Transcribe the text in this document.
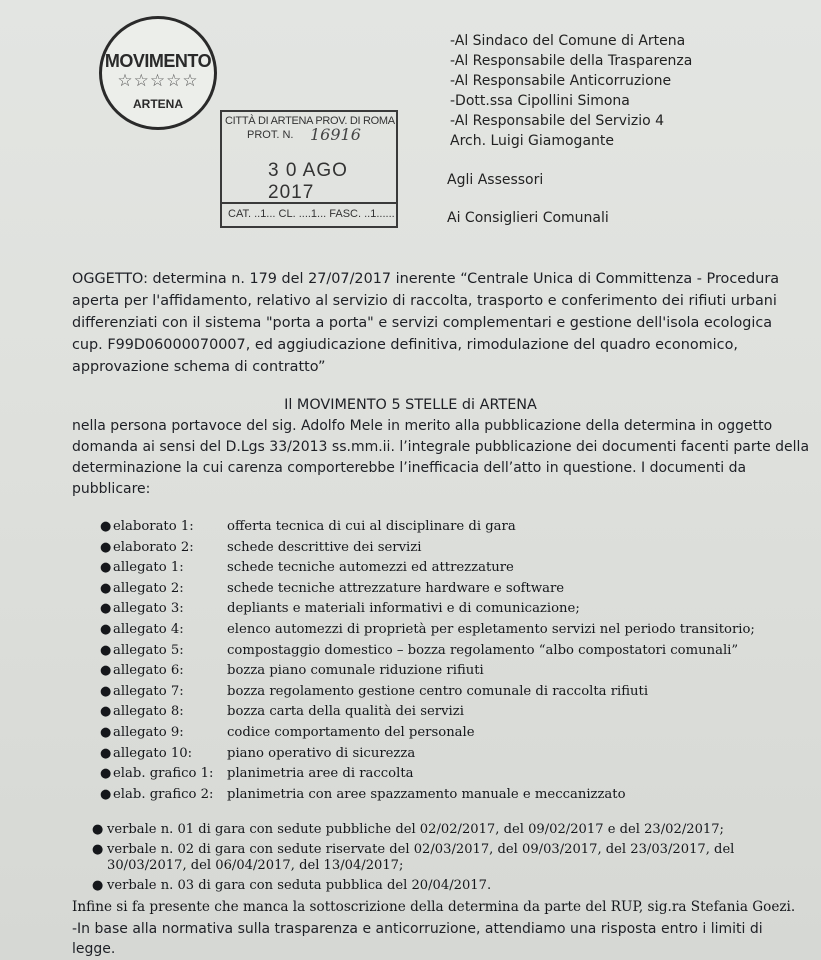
MOVIMENTO
☆☆☆☆☆
ARTENA
CITTÀ DI ARTENA PROV. DI ROMA
PROT. N. 16916
3 0 AGO 2017
CAT. ..1... CL. ....1... FASC. ..1......
-Al Sindaco del Comune di Artena
-Al Responsabile della Trasparenza
-Al Responsabile Anticorruzione
-Dott.ssa Cipollini Simona
-Al Responsabile del Servizio 4
Arch. Luigi Giamogante
Agli Assessori
Ai Consiglieri Comunali
OGGETTO: determina n. 179 del 27/07/2017 inerente “Centrale Unica di Committenza - Procedura
aperta per l'affidamento, relativo al servizio di raccolta, trasporto e conferimento dei rifiuti urbani
differenziati con il sistema "porta a porta" e servizi complementari e gestione dell'isola ecologica
cup. F99D06000070007, ed aggiudicazione definitiva, rimodulazione del quadro economico,
approvazione schema di contratto”
Il MOVIMENTO 5 STELLE di ARTENA
nella persona portavoce del sig. Adolfo Mele in merito alla pubblicazione della determina in oggetto
domanda ai sensi del D.Lgs 33/2013 ss.mm.ii. l’integrale pubblicazione dei documenti facenti parte della
determinazione la cui carenza comporterebbe l’inefficacia dell’atto in questione. I documenti da
pubblicare:
● elaborato 1:	offerta tecnica di cui al disciplinare di gara
● elaborato 2:	schede descrittive dei servizi
● allegato 1:	schede tecniche automezzi ed attrezzature
● allegato 2:	schede tecniche attrezzature hardware e software
● allegato 3:	depliants e materiali informativi e di comunicazione;
● allegato 4:	elenco automezzi di proprietà per espletamento servizi nel periodo transitorio;
● allegato 5:	compostaggio domestico – bozza regolamento “albo compostatori comunali”
● allegato 6:	bozza piano comunale riduzione rifiuti
● allegato 7:	bozza regolamento gestione centro comunale di raccolta rifiuti
● allegato 8:	bozza carta della qualità dei servizi
● allegato 9:	codice comportamento del personale
● allegato 10:	piano operativo di sicurezza
● elab. grafico 1: planimetria aree di raccolta
● elab. grafico 2: planimetria con aree spazzamento manuale e meccanizzato
● verbale n. 01 di gara con sedute pubbliche del 02/02/2017, del 09/02/2017 e del 23/02/2017;
● verbale n. 02 di gara con sedute riservate del 02/03/2017, del 09/03/2017, del 23/03/2017, del
30/03/2017, del 06/04/2017, del 13/04/2017;
● verbale n. 03 di gara con seduta pubblica del 20/04/2017.
Infine si fa presente che manca la sottoscrizione della determina da parte del RUP, sig.ra Stefania Goezi.
-In base alla normativa sulla trasparenza e anticorruzione, attendiamo una risposta entro i limiti di
legge.
